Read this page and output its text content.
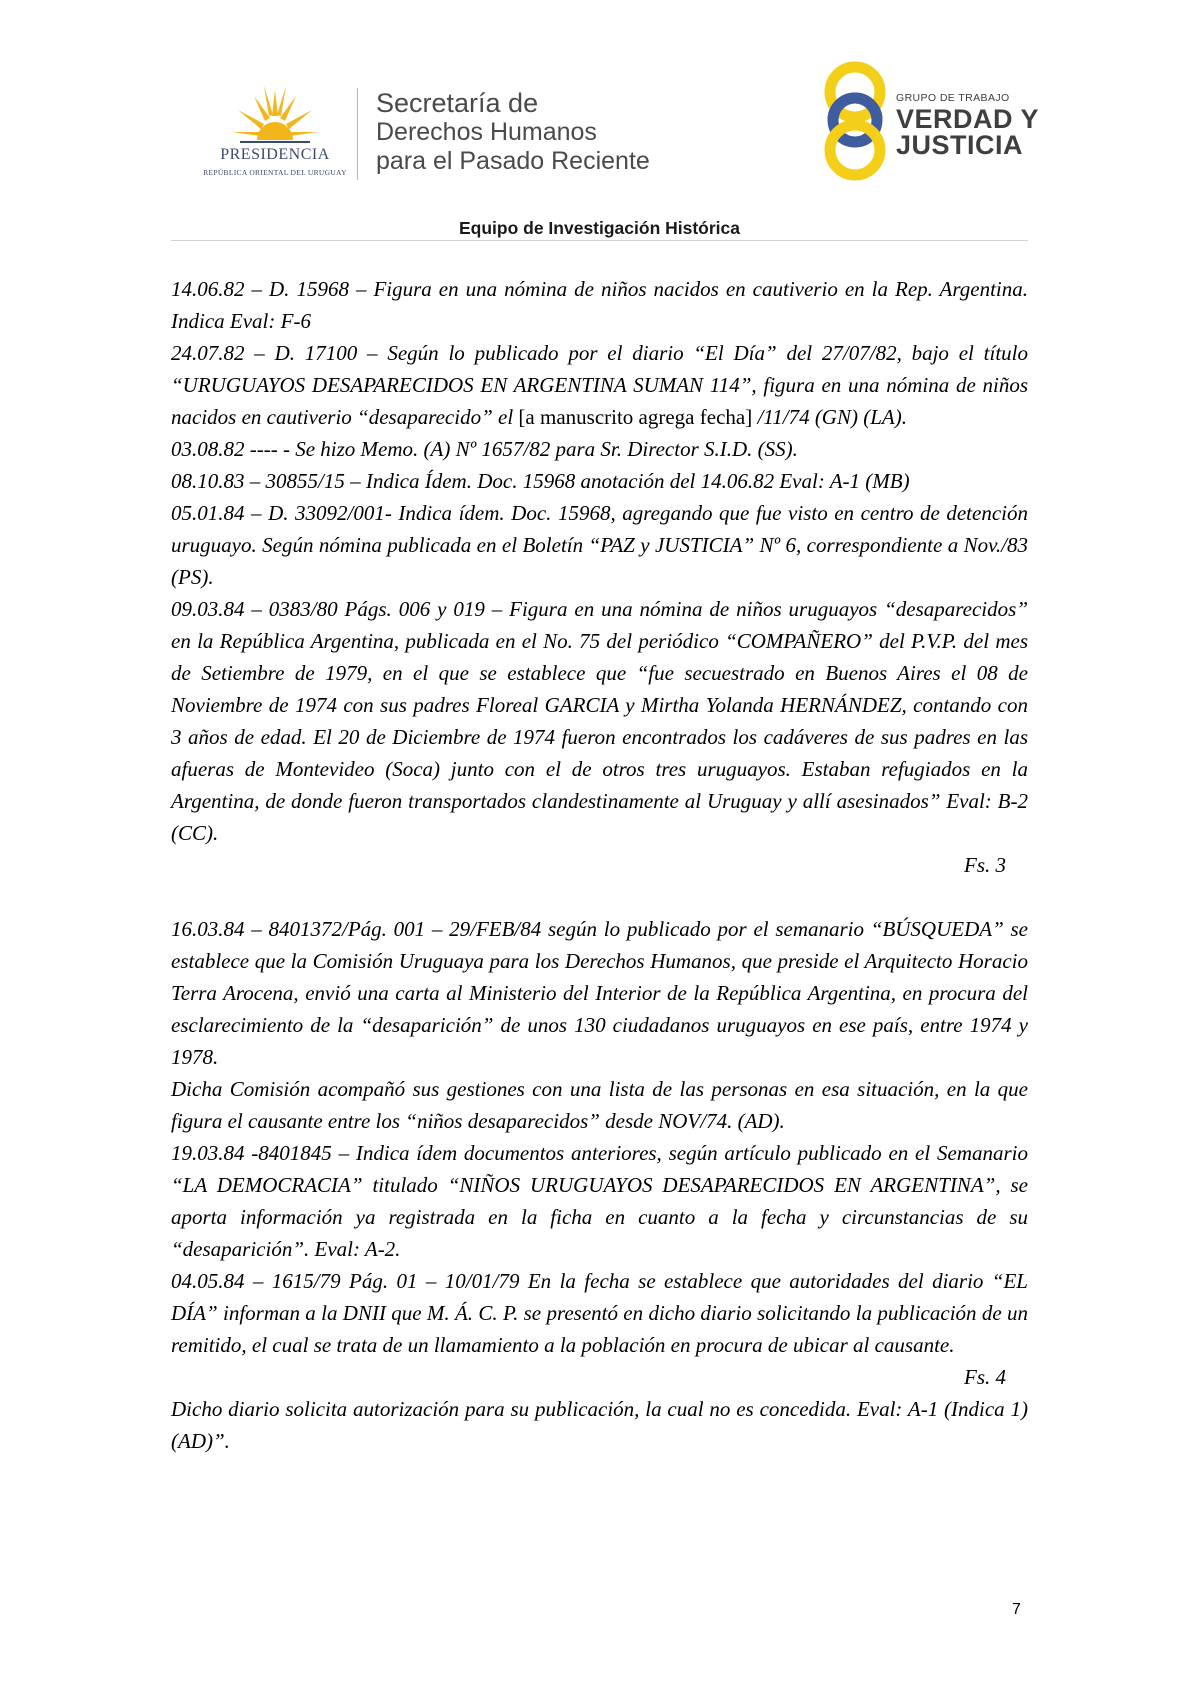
PRESIDENCIA
REPÚBLICA ORIENTAL DEL URUGUAY
Secretaría de
Derechos Humanos
para el Pasado Reciente
GRUPO DE TRABAJO
VERDAD Y
JUSTICIA
Equipo de Investigación Histórica

14.06.82 – D. 15968 – Figura en una nómina de niños nacidos en cautiverio en la Rep. Argentina. Indica Eval: F-6

24.07.82 – D. 17100 – Según lo publicado por el diario “El Día” del 27/07/82, bajo el título “URUGUAYOS DESAPARECIDOS EN ARGENTINA SUMAN 114”, figura en una nómina de niños nacidos en cautiverio “desaparecido” el [a manuscrito agrega fecha] /11/74 (GN) (LA).

03.08.82 ---- - Se hizo Memo. (A) Nº 1657/82 para Sr. Director S.I.D. (SS).

08.10.83 – 30855/15 – Indica Ídem. Doc. 15968 anotación del 14.06.82 Eval: A-1 (MB)

05.01.84 – D. 33092/001- Indica ídem. Doc. 15968, agregando que fue visto en centro de detención uruguayo. Según nómina publicada en el Boletín “PAZ y JUSTICIA” Nº 6, correspondiente a Nov./83 (PS).

09.03.84 – 0383/80 Págs. 006 y 019 – Figura en una nómina de niños uruguayos “desaparecidos” en la República Argentina, publicada en el No. 75 del periódico “COMPAÑERO” del P.V.P. del mes de Setiembre de 1979, en el que se establece que “fue secuestrado en Buenos Aires el 08 de Noviembre de 1974 con sus padres Floreal GARCIA y Mirtha Yolanda HERNÁNDEZ, contando con 3 años de edad. El 20 de Diciembre de 1974 fueron encontrados los cadáveres de sus padres en las afueras de Montevideo (Soca) junto con el de otros tres uruguayos. Estaban refugiados en la Argentina, de donde fueron transportados clandestinamente al Uruguay y allí asesinados” Eval: B-2 (CC).

Fs. 3

16.03.84 – 8401372/Pág. 001 – 29/FEB/84 según lo publicado por el semanario “BÚSQUEDA” se establece que la Comisión Uruguaya para los Derechos Humanos, que preside el Arquitecto Horacio Terra Arocena, envió una carta al Ministerio del Interior de la República Argentina, en procura del esclarecimiento de la “desaparición” de unos 130 ciudadanos uruguayos en ese país, entre 1974 y 1978.

Dicha Comisión acompañó sus gestiones con una lista de las personas en esa situación, en la que figura el causante entre los “niños desaparecidos” desde NOV/74. (AD).

19.03.84 -8401845 – Indica ídem documentos anteriores, según artículo publicado en el Semanario “LA DEMOCRACIA” titulado “NIÑOS URUGUAYOS DESAPARECIDOS EN ARGENTINA”, se aporta información ya registrada en la ficha en cuanto a la fecha y circunstancias de su “desaparición”. Eval: A-2.

04.05.84 – 1615/79 Pág. 01 – 10/01/79 En la fecha se establece que autoridades del diario “EL DÍA” informan a la DNII que M. Á. C. P. se presentó en dicho diario solicitando la publicación de un remitido, el cual se trata de un llamamiento a la población en procura de ubicar al causante.

Fs. 4

Dicho diario solicita autorización para su publicación, la cual no es concedida. Eval: A-1 (Indica 1) (AD)”.

7
